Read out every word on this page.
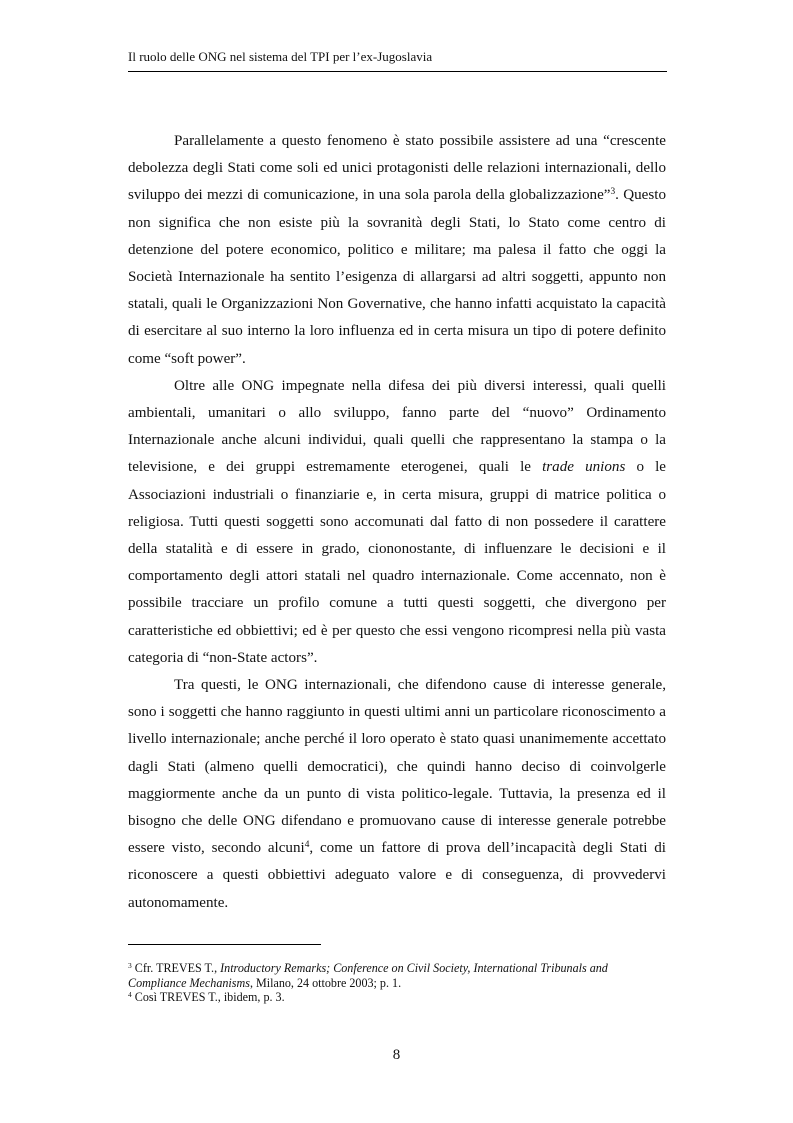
Il ruolo delle ONG nel sistema del TPI per l’ex-Jugoslavia

Parallelamente a questo fenomeno è stato possibile assistere ad una “crescente debolezza degli Stati come soli ed unici protagonisti delle relazioni internazionali, dello sviluppo dei mezzi di comunicazione, in una sola parola della globalizzazione”$^3$. Questo non significa che non esiste più la sovranità degli Stati, lo Stato come centro di detenzione del potere economico, politico e militare; ma palesa il fatto che oggi la Società Internazionale ha sentito l’esigenza di allargarsi ad altri soggetti, appunto non statali, quali le Organizzazioni Non Governative, che hanno infatti acquistato la capacità di esercitare al suo interno la loro influenza ed in certa misura un tipo di potere definito come “soft power”.

Oltre alle ONG impegnate nella difesa dei più diversi interessi, quali quelli ambientali, umanitari o allo sviluppo, fanno parte del “nuovo” Ordinamento Internazionale anche alcuni individui, quali quelli che rappresentano la stampa o la televisione, e dei gruppi estremamente eterogenei, quali le trade unions o le Associazioni industriali o finanziarie e, in certa misura, gruppi di matrice politica o religiosa. Tutti questi soggetti sono accomunati dal fatto di non possedere il carattere della statalità e di essere in grado, ciononostante, di influenzare le decisioni e il comportamento degli attori statali nel quadro internazionale. Come accennato, non è possibile tracciare un profilo comune a tutti questi soggetti, che divergono per caratteristiche ed obbiettivi; ed è per questo che essi vengono ricompresi nella più vasta categoria di “non-State actors”.

Tra questi, le ONG internazionali, che difendono cause di interesse generale, sono i soggetti che hanno raggiunto in questi ultimi anni un particolare riconoscimento a livello internazionale; anche perché il loro operato è stato quasi unanimemente accettato dagli Stati (almeno quelli democratici), che quindi hanno deciso di coinvolgerle maggiormente anche da un punto di vista politico-legale. Tuttavia, la presenza ed il bisogno che delle ONG difendano e promuovano cause di interesse generale potrebbe essere visto, secondo alcuni$^4$, come un fattore di prova dell’incapacità degli Stati di riconoscere a questi obbiettivi adeguato valore e di conseguenza, di provvedervi autonomamente.

$^3$ Cfr. TREVES T., Introductory Remarks; Conference on Civil Society, International Tribunals and Compliance Mechanisms, Milano, 24 ottobre 2003; p. 1.

$^4$ Così TREVES T., ibidem, p. 3.

8
